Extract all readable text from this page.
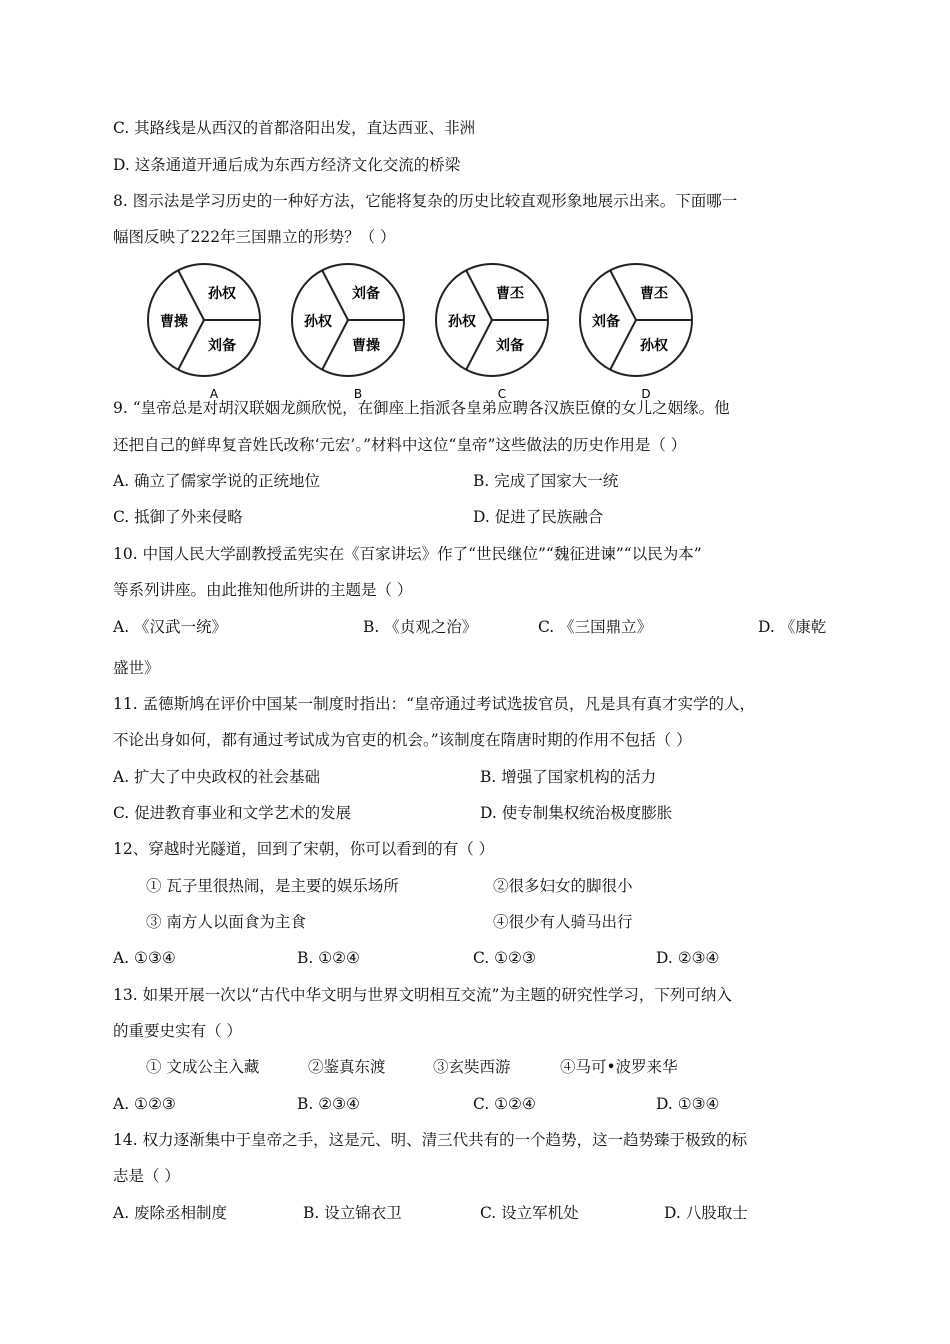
C. 其路线是从西汉的首都洛阳出发，直达西亚、非洲
D. 这条通道开通后成为东西方经济文化交流的桥梁
8. 图示法是学习历史的一种好方法，它能将复杂的历史比较直观形象地展示出来。下面哪一
幅图反映了222年三国鼎立的形势？（ ）
曹操
孙权
刘备
A
孙权
刘备
曹操
B
孙权
曹丕
刘备
C
刘备
曹丕
孙权
D
9. “皇帝总是对胡汉联姻龙颜欣悦，在御座上指派各皇弟应聘各汉族臣僚的女儿之姻缘。他
还把自己的鲜卑复音姓氏改称‘元宏’。”材料中这位“皇帝”这些做法的历史作用是（ ）
A. 确立了儒家学说的正统地位	B. 完成了国家大一统
C. 抵御了外来侵略	D. 促进了民族融合
10. 中国人民大学副教授孟宪实在《百家讲坛》作了“世民继位”“魏征进谏”“以民为本”
等系列讲座。由此推知他所讲的主题是（ ）
A. 《汉武一统》	B. 《贞观之治》	C. 《三国鼎立》	D. 《康乾
盛世》
11. 孟德斯鸠在评价中国某一制度时指出：“皇帝通过考试选拔官员，凡是具有真才实学的人，
不论出身如何，都有通过考试成为官吏的机会。”该制度在隋唐时期的作用不包括（ ）
A. 扩大了中央政权的社会基础	B. 增强了国家机构的活力
C. 促进教育事业和文学艺术的发展	D. 使专制集权统治极度膨胀
12、穿越时光隧道，回到了宋朝，你可以看到的有（ ）
① 瓦子里很热闹，是主要的娱乐场所	②很多妇女的脚很小
③ 南方人以面食为主食	④很少有人骑马出行
A. ①③④	B. ①②④	C. ①②③	D. ②③④
13. 如果开展一次以“古代中华文明与世界文明相互交流”为主题的研究性学习，下列可纳入
的重要史实有（ ）
① 文成公主入藏	②鉴真东渡	③玄奘西游	④马可•波罗来华
A. ①②③	B. ②③④	C. ①②④	D. ①③④
14. 权力逐渐集中于皇帝之手，这是元、明、清三代共有的一个趋势，这一趋势臻于极致的标
志是（ ）
A. 废除丞相制度	B. 设立锦衣卫	C. 设立军机处	D. 八股取士
